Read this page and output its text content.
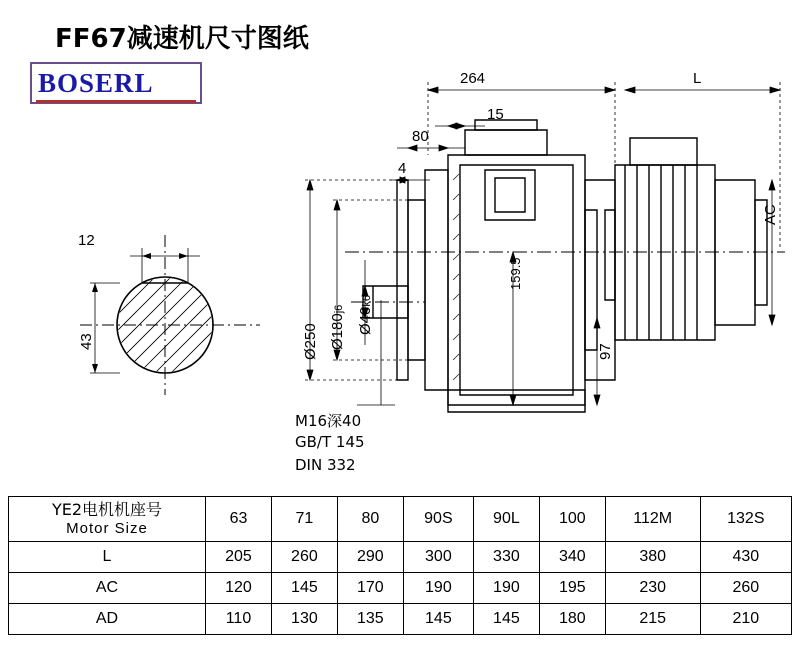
FF67减速机尺寸图纸
BOSERL
12
43
264	L
15
80
4
AC
159.5
97
Ø250 Ø180j6 Ø40k6
M16深40
GB/T 145
DIN 332
YE2电机机座号
Motor Size	63	71	80	90S	90L	100	112M	132S
L	205	260	290	300	330	340	380	430
AC	120	145	170	190	190	195	230	260
AD	110	130	135	145	145	180	215	210
